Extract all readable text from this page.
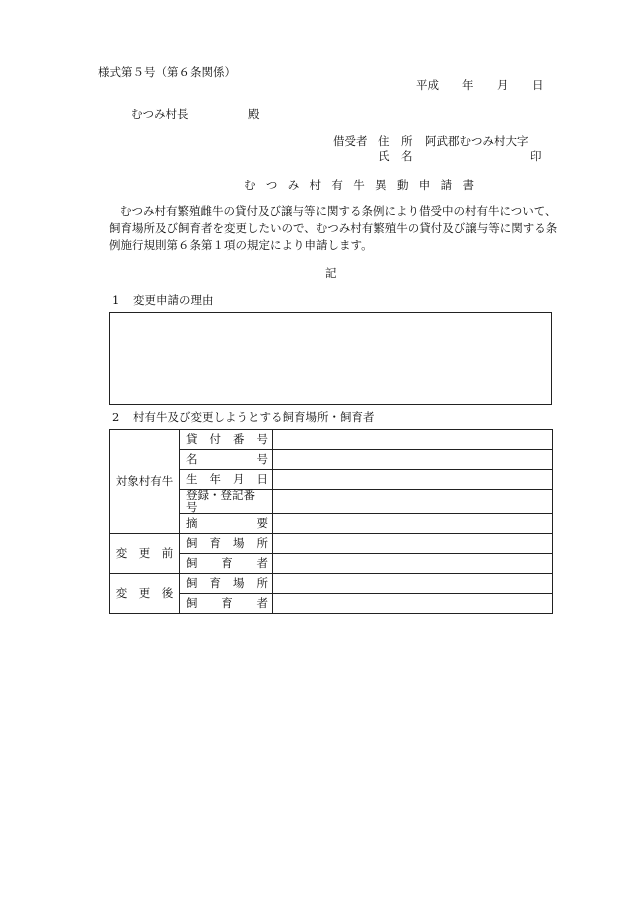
様式第５号（第６条関係）
平成 年 月 日
むつみ村長	殿
借受者 住　所 阿武郡むつみ村大字
氏　名	印
むつみ村有牛異動申請書
むつみ村有繁殖雌牛の貸付及び譲与等に関する条例により借受中の村有牛について、
飼育場所及び飼育者を変更したいので、むつみ村有繁殖牛の貸付及び譲与等に関する条
例施行規則第６条第１項の規定により申請します。
記
1 変更申請の理由
2 村有牛及び変更しようとする飼育場所・飼育者
対象村有牛	貸 付 番 号	

	名 号	

	生 年 月 日	

	登録・登記番号	

	摘 要	

変　更　前	飼 育 場 所	

	飼 育 者	

変　更　後	飼 育 場 所	

	飼 育 者	
